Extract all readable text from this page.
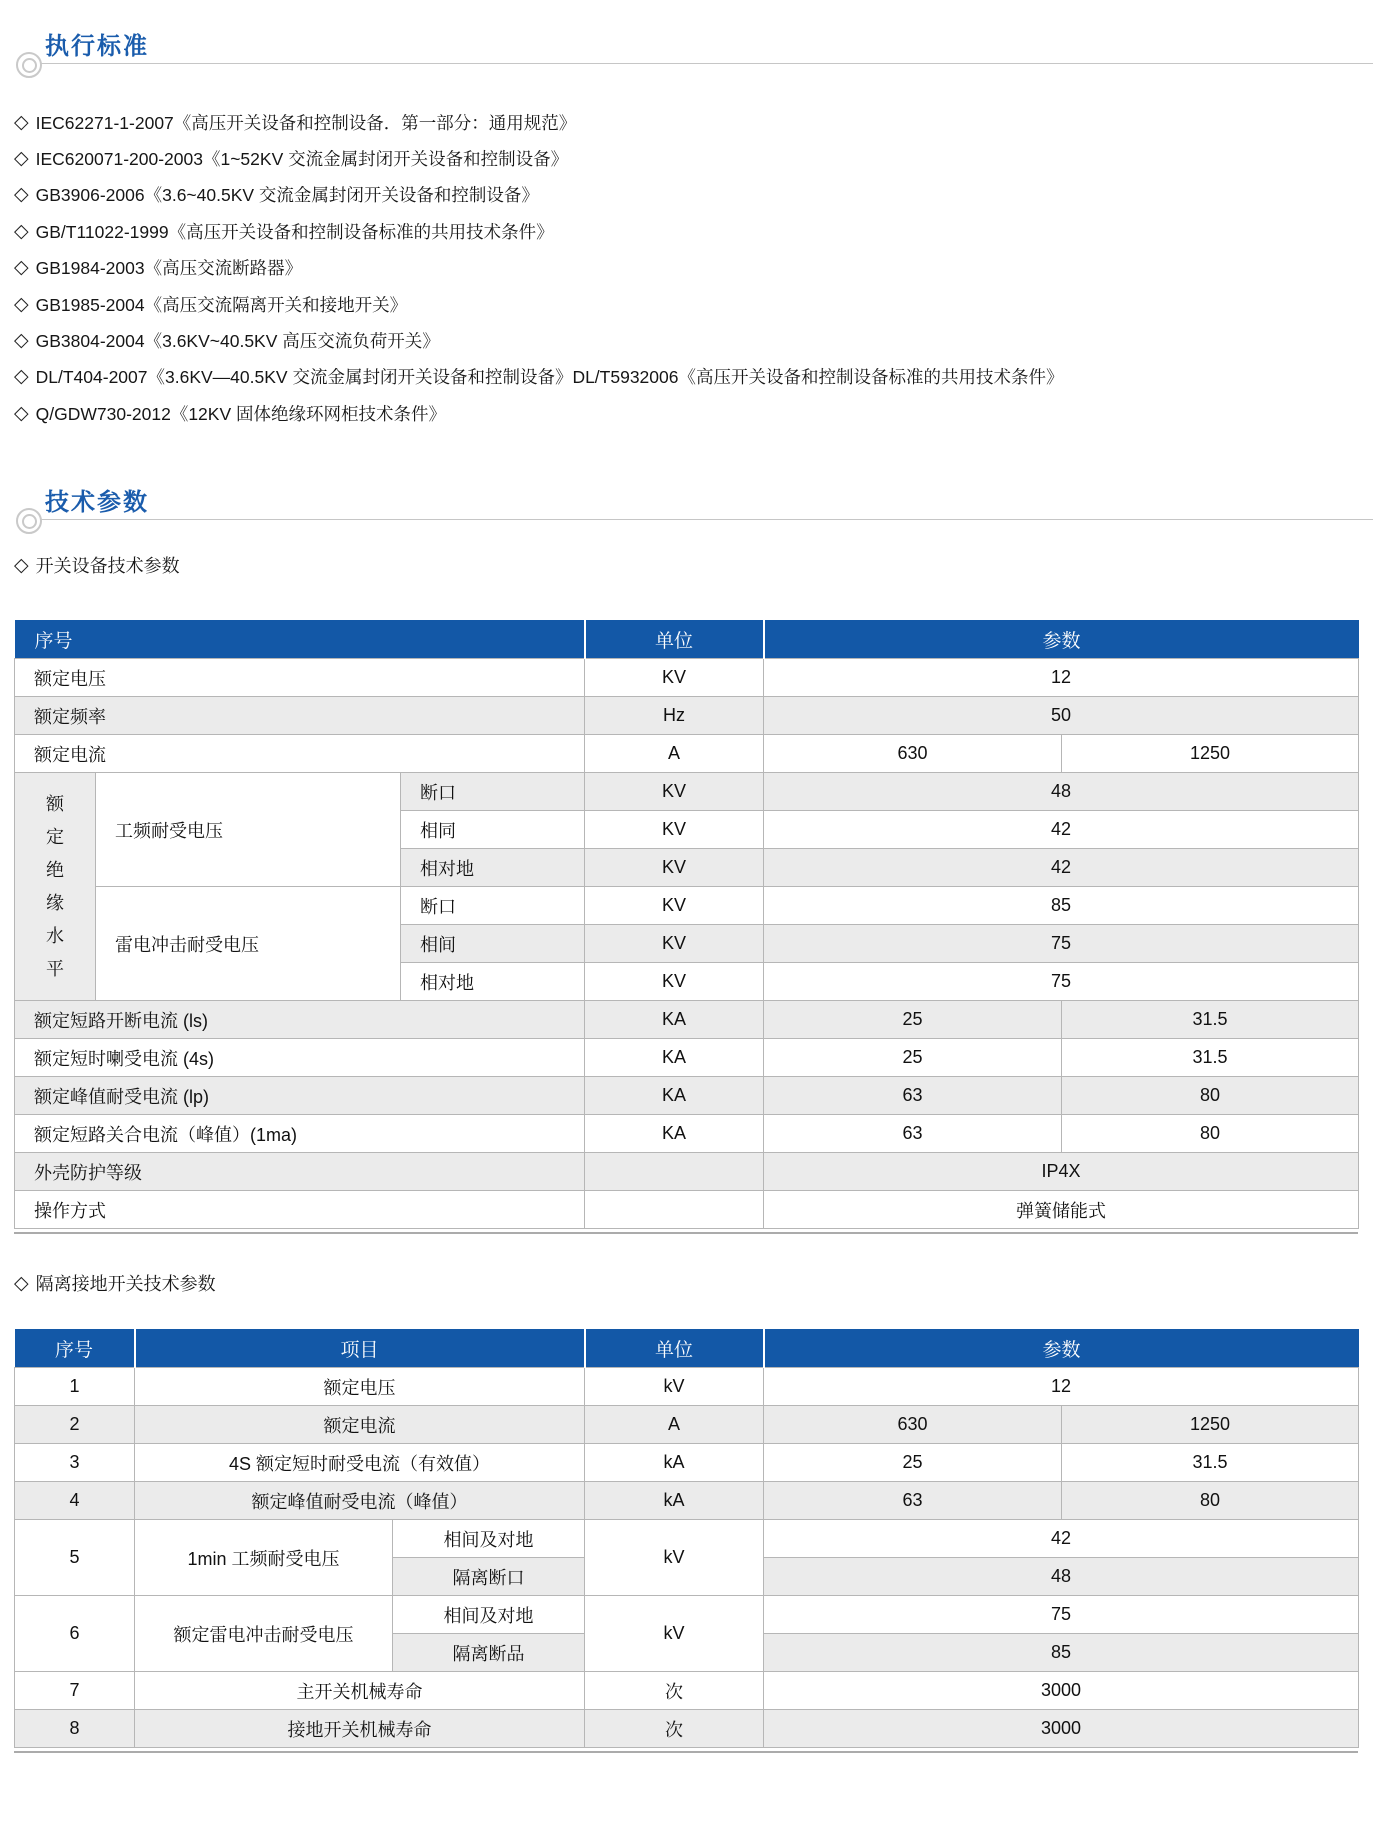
执行标准
◇ IEC62271-1-2007《高压开关设备和控制设备．第一部分：通用规范》
◇ IEC620071-200-2003《1~52KV 交流金属封闭开关设备和控制设备》
◇ GB3906-2006《3.6~40.5KV 交流金属封闭开关设备和控制设备》
◇ GB/T11022-1999《高压开关设备和控制设备标准的共用技术条件》
◇ GB1984-2003《高压交流断路器》
◇ GB1985-2004《高压交流隔离开关和接地开关》
◇ GB3804-2004《3.6KV~40.5KV 高压交流负荷开关》
◇ DL/T404-2007《3.6KV—40.5KV 交流金属封闭开关设备和控制设备》DL/T5932006《高压开关设备和控制设备标准的共用技术条件》
◇ Q/GDW730-2012《12KV 固体绝缘环网柜技术条件》
技术参数
◇ 开关设备技术参数
序号			单位	参数	
额定电压			KV	12	
额定频率			Hz	50	
额定电流			A	630	1250

额定绝缘水平	工频耐受电压	断口	KV	48	
		相同	KV	42	
		相对地	KV	42	
	雷电冲击耐受电压	断口	KV	85	
		相间	KV	75	
		相对地	KV	75	
额定短路开断电流 (ls)			KA	25	31.5
额定短时喇受电流 (4s)			KA	25	31.5
额定峰值耐受电流 (lp)			KA	63	80
额定短路关合电流（峰值）(1ma)			KA	63	80
外壳防护等级				IP4X	
操作方式				弹簧储能式	
◇ 隔离接地开关技术参数
序号	项目		单位	参数	
1	额定电压		kV	12	
2	额定电流		A	630	1250
3	4S 额定短时耐受电流（有效值）		kA	25	31.5
4	额定峰值耐受电流（峰值）		kA	63	80
5	1min 工频耐受电压	相间及对地	kV	42	
		隔离断口		48	
6	额定雷电冲击耐受电压	相间及对地	kV	75	
		隔离断品		85	
7	主开关机械寿命		次	3000	
8	接地开关机械寿命		次	3000	
